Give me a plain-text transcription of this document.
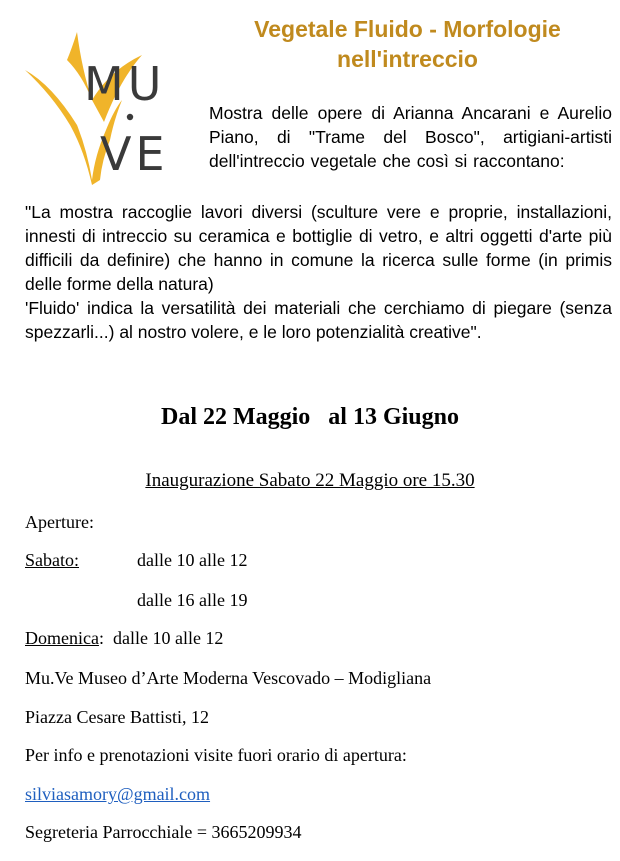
MU
VE
Vegetale Fluido - Morfologie
nell'intreccio

Mostra delle opere di Arianna Ancarani e Aurelio Piano, di "Trame del Bosco", artigiani-artisti dell'intreccio vegetale che così si raccontano:

"La mostra raccoglie lavori diversi (sculture vere e proprie, installazioni, innesti di intreccio su ceramica e bottiglie di vetro, e altri oggetti d'arte più difficili da definire) che hanno in comune la ricerca sulle forme (in primis delle forme della natura)

'Fluido' indica la versatilità dei materiali che cerchiamo di piegare (senza spezzarli...) al nostro volere, e le loro potenzialità creative".

Dal 22 Maggio   al 13 Giugno

Inaugurazione Sabato 22 Maggio ore 15.30

Aperture:

Sabato:	dalle 10 alle 12

dalle 16 alle 19

Domenica:  dalle 10 alle 12

Mu.Ve Museo d’Arte Moderna Vescovado – Modigliana

Piazza Cesare Battisti, 12

Per info e prenotazioni visite fuori orario di apertura:

silviasamory@gmail.com

Segreteria Parrocchiale = 3665209934
